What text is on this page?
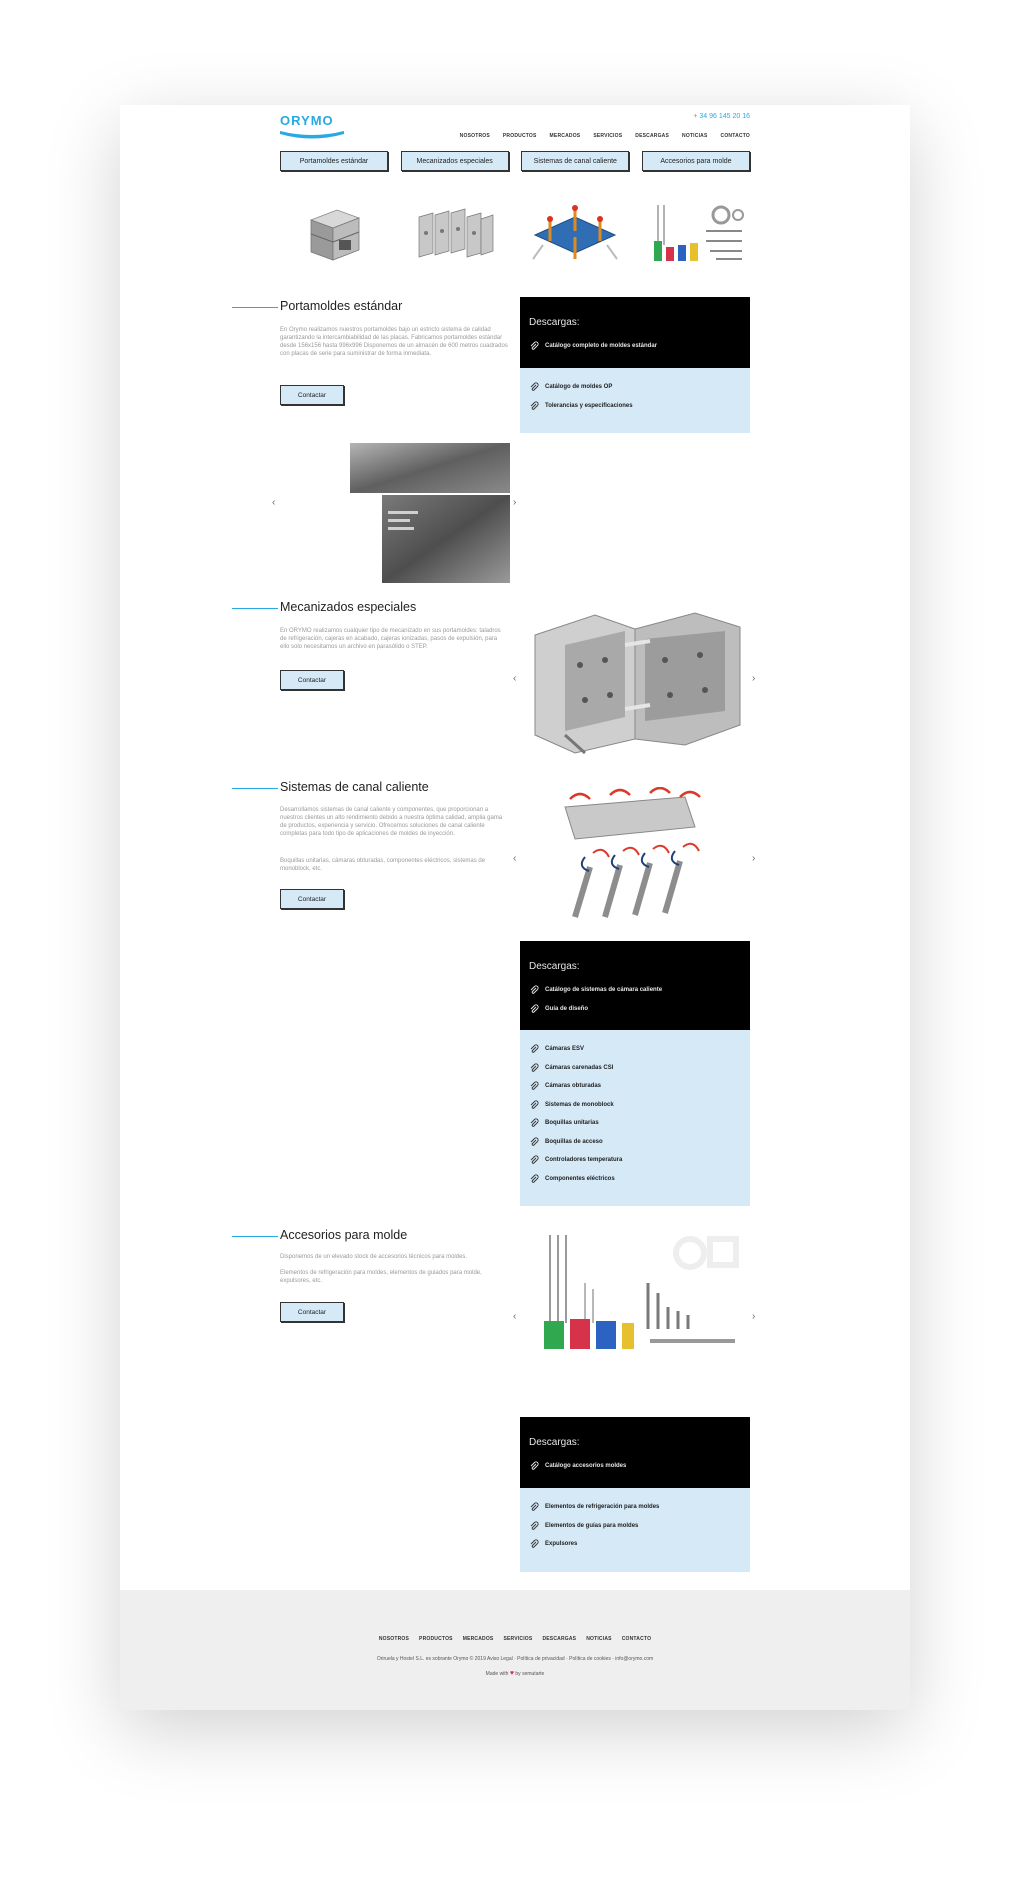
ORYMO	+ 34 96 145 20 16
NOSOTROS	PRODUCTOS	MERCADOS	SERVICIOS	DESCARGAS	NOTICIAS	CONTACTO
Portamoldes estándar	Mecanizados especiales	Sistemas de canal caliente	Accesorios para molde
Portamoldes estándar
En Orymo realizamos nuestros portamoldes bajo un estricto sistema de calidad garantizando la intercambiabilidad de las placas. Fabricamos portamoldes estándar desde 156x156 hasta 996x996 Disponemos de un almacén de 600 metros cuadrados con placas de serie para suministrar de forma inmediata.
Contactar
Descargas:
Catálogo completo de moldes estándar
Catálogo de moldes OP
Tolerancias y especificaciones
‹	›
Mecanizados especiales
En ORYMO realizamos cualquier tipo de mecanizado en sus portamoldes: taladros de refrigeración, cajeras en acabado, cajeras ionizadas, pasos de expulsión, para ello solo necesitamos un archivo en parasólido o STEP.
Contactar	‹	›
Sistemas de canal caliente
Desarrollamos sistemas de canal caliente y componentes, que proporcionan a nuestros clientes un alto rendimiento debido a nuestra óptima calidad, amplia gama de productos, experiencia y servicio. Ofrecemos soluciones de canal caliente completas para todo tipo de aplicaciones de moldes de inyección.
Boquillas unitarias, cámaras obturadas, componentes eléctricos, sistemas de monoblock, etc.
Contactar
‹	›
Descargas:
Catálogo de sistemas de cámara caliente
Guía de diseño
Cámaras ESV
Cámaras carenadas CSI
Cámaras obturadas
Sistemas de monoblock
Boquillas unitarias
Boquillas de acceso
Controladores temperatura
Componentes eléctricos
Accesorios para molde
Disponemos de un elevado stock de accesorios técnicos para moldes.
Elementos de refrigeración para moldes, elementos de guiados para molde, expulsores, etc.
Contactar	‹	›
Descargas:
Catálogo accesorios moldes
Elementos de refrigeración para moldes
Elementos de guías para moldes
Expulsores
NOSOTROS PRODUCTOS MERCADOS SERVICIOS DESCARGAS NOTICIAS CONTACTO
Oriruela y Hostel S.L. es sobrante Orymo © 2019 Aviso Legal · Política de privacidad · Política de cookies · info@orymo.com
Made with ♥ by semutarte
